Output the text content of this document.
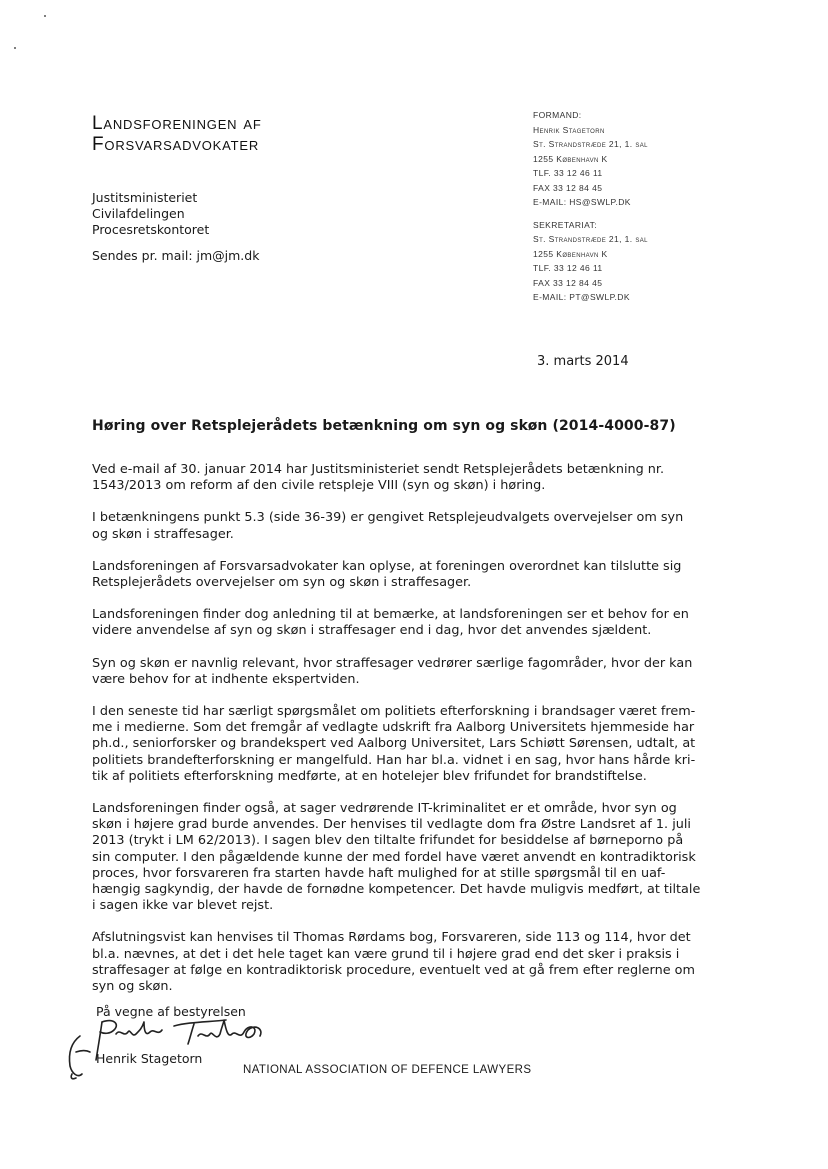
Landsforeningen af
Forsvarsadvokater
FORMAND:
Henrik Stagetorn
St. Strandstræde 21, 1. sal
1255 København K
TLF. 33 12 46 11
FAX 33 12 84 45
E-MAIL: HS@SWLP.DK
SEKRETARIAT:
St. Strandstræde 21, 1. sal
1255 København K
TLF. 33 12 46 11
FAX 33 12 84 45
E-MAIL: PT@SWLP.DK
Justitsministeriet
Civilafdelingen
Procesretskontoret
Sendes pr. mail: jm@jm.dk
3. marts 2014
Høring over Retsplejerådets betænkning om syn og skøn (2014-4000-87)

Ved e-mail af 30. januar 2014 har Justitsministeriet sendt Retsplejerådets betænkning nr.
1543/2013 om reform af den civile retspleje VIII (syn og skøn) i høring.

I betænkningens punkt 5.3 (side 36-39) er gengivet Retsplejeudvalgets overvejelser om syn
og skøn i straffesager.

Landsforeningen af Forsvarsadvokater kan oplyse, at foreningen overordnet kan tilslutte sig
Retsplejerådets overvejelser om syn og skøn i straffesager.

Landsforeningen finder dog anledning til at bemærke, at landsforeningen ser et behov for en
videre anvendelse af syn og skøn i straffesager end i dag, hvor det anvendes sjældent.

Syn og skøn er navnlig relevant, hvor straffesager vedrører særlige fagområder, hvor der kan
være behov for at indhente ekspertviden.

I den seneste tid har særligt spørgsmålet om politiets efterforskning i brandsager været frem-
me i medierne. Som det fremgår af vedlagte udskrift fra Aalborg Universitets hjemmeside har
ph.d., seniorforsker og brandekspert ved Aalborg Universitet, Lars Schiøtt Sørensen, udtalt, at
politiets brandefterforskning er mangelfuld. Han har bl.a. vidnet i en sag, hvor hans hårde kri-
tik af politiets efterforskning medførte, at en hotelejer blev frifundet for brandstiftelse.

Landsforeningen finder også, at sager vedrørende IT-kriminalitet er et område, hvor syn og
skøn i højere grad burde anvendes. Der henvises til vedlagte dom fra Østre Landsret af 1. juli
2013 (trykt i LM 62/2013). I sagen blev den tiltalte frifundet for besiddelse af børneporno på
sin computer. I den pågældende kunne der med fordel have været anvendt en kontradiktorisk
proces, hvor forsvareren fra starten havde haft mulighed for at stille spørgsmål til en uaf-
hængig sagkyndig, der havde de fornødne kompetencer. Det havde muligvis medført, at tiltale
i sagen ikke var blevet rejst.

Afslutningsvist kan henvises til Thomas Rørdams bog, Forsvareren, side 113 og 114, hvor det
bl.a. nævnes, at det i det hele taget kan være grund til i højere grad end det sker i praksis i
straffesager at følge en kontradiktorisk procedure, eventuelt ved at gå frem efter reglerne om
syn og skøn.

På vegne af bestyrelsen
Henrik Stagetorn
NATIONAL ASSOCIATION OF DEFENCE LAWYERS
